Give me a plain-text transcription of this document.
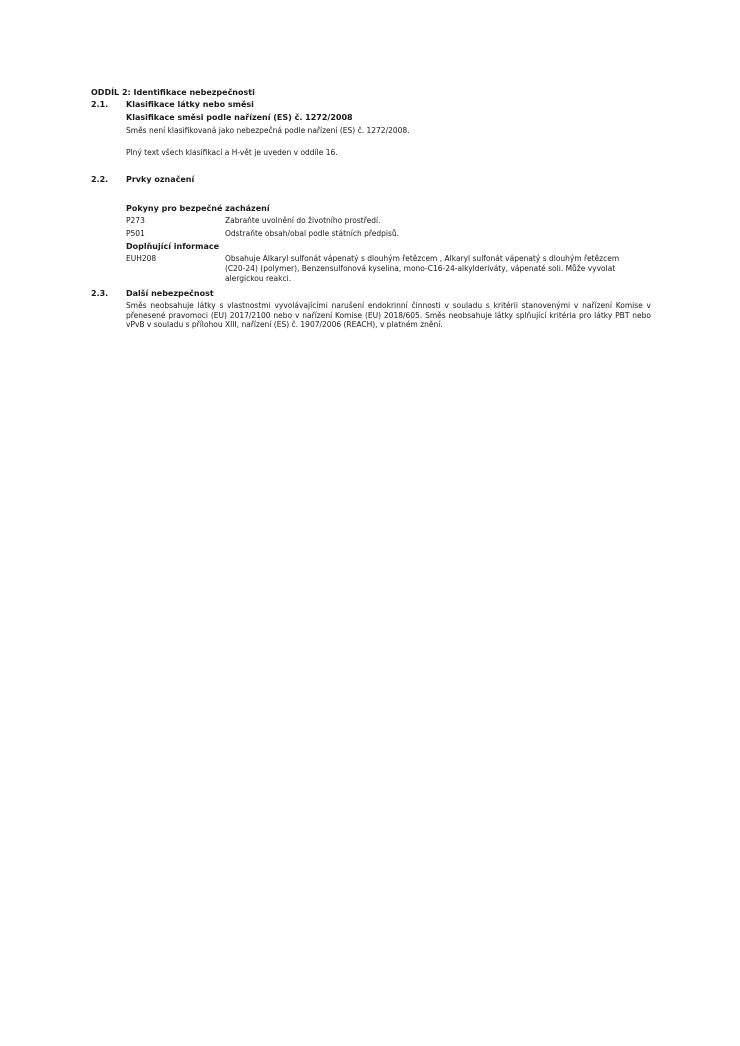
ODDÍL 2: Identifikace nebezpečnosti
2.1. Klasifikace látky nebo směsi
Klasifikace směsi podle nařízení (ES) č. 1272/2008
Směs není klasifikovaná jako nebezpečná podle nařízení (ES) č. 1272/2008.
Plný text všech klasifikací a H-vět je uveden v oddíle 16.
2.2. Prvky označení
Pokyny pro bezpečné zacházení
P273	Zabraňte uvolnění do životního prostředí.
P501	Odstraňte obsah/obal podle státních předpisů.
Doplňující informace
EUH208	Obsahuje Alkaryl sulfonát vápenatý s dlouhým řetězcem , Alkaryl sulfonát vápenatý s dlouhým řetězcem (C20-24) (polymer), Benzensulfonová kyselina, mono-C16-24-alkylderiváty, vápenaté soli. Může vyvolat alergickou reakci.
2.3. Další nebezpečnost
Směs neobsahuje látky s vlastnostmi vyvolávajícími narušení endokrinní činnosti v souladu s kritérii stanovenými v nařízení Komise v přenesené pravomoci (EU) 2017/2100 nebo v nařízení Komise (EU) 2018/605. Směs neobsahuje látky splňující kritéria pro látky PBT nebo vPvB v souladu s přílohou XIII, nařízení (ES) č. 1907/2006 (REACH), v platném znění.
